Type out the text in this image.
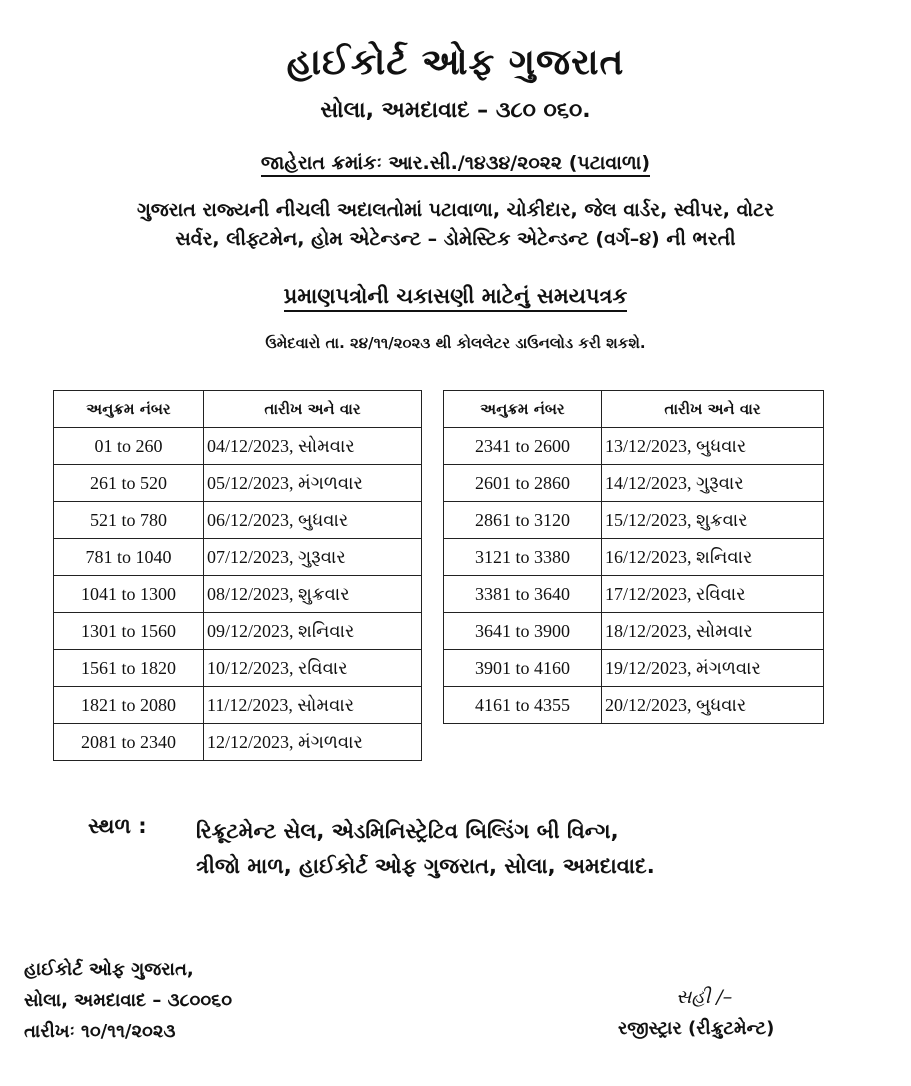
હાઈકોર્ટ ઓફ ગુજરાત
સોલા, અમદાવાદ – ૩૮૦ ૦૬૦.
જાહેરાત ક્રમાંકઃ આર.સી./૧૪૩૪/૨૦૨૨ (પટાવાળા)
ગુજરાત રાજ્યની નીચલી અદાલતોમાં પટાવાળા, ચોકીદાર, જેલ વાર્ડર, સ્વીપર, વોટર
સર્વર, લીફ્ટમેન, હોમ એટેન્ડન્ટ – ડોમેસ્ટિક એટેન્ડન્ટ (વર્ગ–૪) ની ભરતી
પ્રમાણપત્રોની ચકાસણી માટેનું સમયપત્રક
ઉમેદવારો તા. ૨૪/૧૧/૨૦૨૩ થી કોલલેટર ડાઉનલોડ કરી શકશે.
અનુક્રમ નંબર	તારીખ અને વાર
01 to 260	04/12/2023, સોમવાર
261 to 520	05/12/2023, મંગળવાર
521 to 780	06/12/2023, બુધવાર
781 to 1040	07/12/2023, ગુરૂવાર
1041 to 1300	08/12/2023, શુક્રવાર
1301 to 1560	09/12/2023, શનિવાર
1561 to 1820	10/12/2023, રવિવાર
1821 to 2080	11/12/2023, સોમવાર
2081 to 2340	12/12/2023, મંગળવાર
અનુક્રમ નંબર	તારીખ અને વાર
2341 to 2600	13/12/2023, બુધવાર
2601 to 2860	14/12/2023, ગુરૂવાર
2861 to 3120	15/12/2023, શુક્રવાર
3121 to 3380	16/12/2023, શનિવાર
3381 to 3640	17/12/2023, રવિવાર
3641 to 3900	18/12/2023, સોમવાર
3901 to 4160	19/12/2023, મંગળવાર
4161 to 4355	20/12/2023, બુધવાર
સ્થળ : રિક્રૂટમેન્ટ સેલ, એડમિનિસ્ટ્રેટિવ બિલ્ડિંગ બી વિન્ગ,
ત્રીજો માળ, હાઈકોર્ટ ઓફ ગુજરાત, સોલા, અમદાવાદ.
હાઈકોર્ટ ઓફ ગુજરાત,
સોલા, અમદાવાદ – ૩૮૦૦૬૦
તારીખઃ ૧૦/૧૧/૨૦૨૩
સહી /–
રજીસ્ટ્રાર (રીક્રુટમેન્ટ)
